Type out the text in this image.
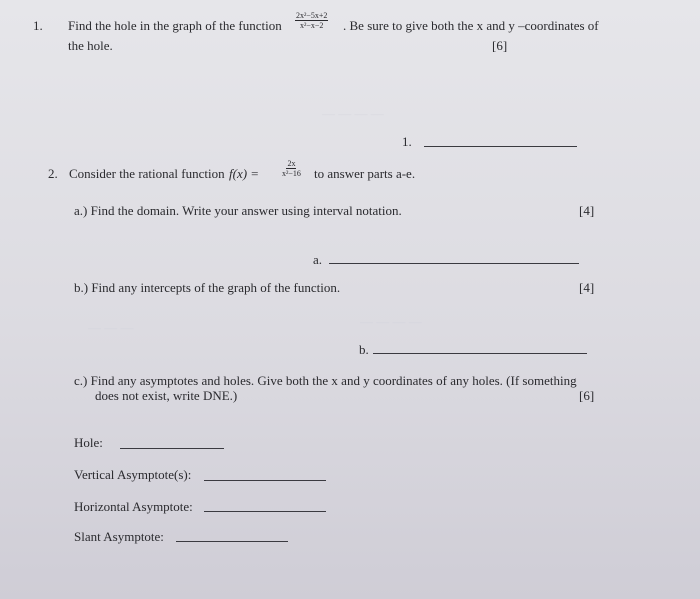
1. Find the hole in the graph of the function $\frac{\text{2x²−5x+2}}{\text{x²−x−2}}$ . Be sure to give both the x and y –coordinates of
the hole.	[6]
— — — —
1.
2. Consider the rational function f(x) =	$\frac{2x}{\text{x²−16}}$ to answer parts a-e.
a.) Find the domain. Write your answer using interval notation.	[4]
a.
b.) Find any intercepts of the graph of the function.	[4]
— — —	— — — —
b.
c.) Find any asymptotes and holes. Give both the x and y coordinates of any holes. (If something
does not exist, write DNE.)	[6]
Hole:
Vertical Asymptote(s):
Horizontal Asymptote:
Slant Asymptote:
— — — — — — — — — — — — — — — —
